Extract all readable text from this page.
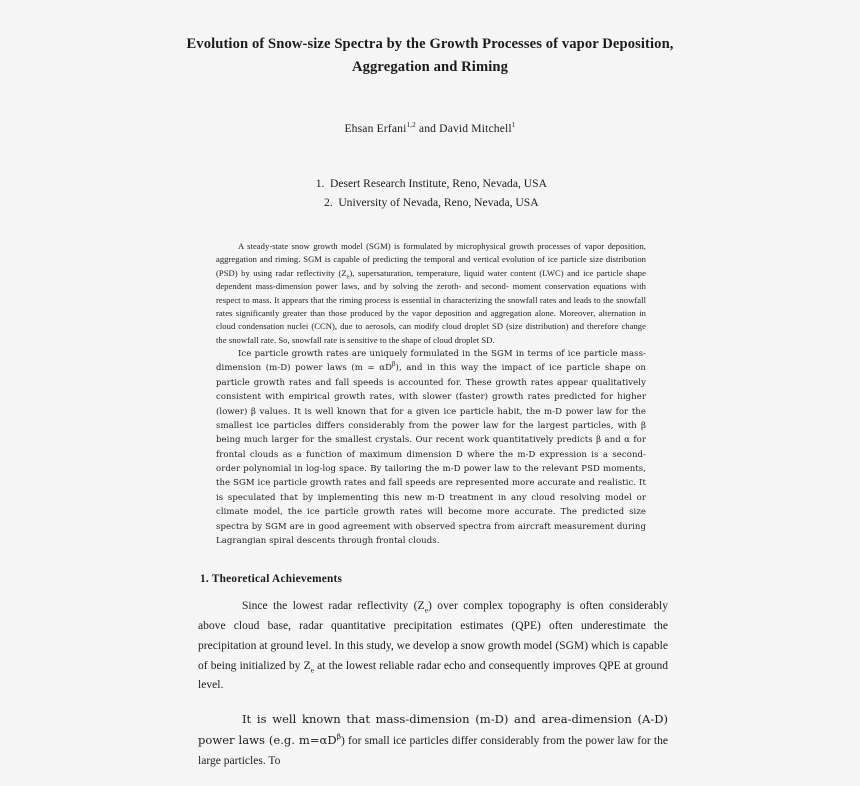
Evolution of Snow-size Spectra by the Growth Processes of vapor Deposition, Aggregation and Riming
Ehsan Erfani$^{1,2}$ and David Mitchell$^1$
1. Desert Research Institute, Reno, Nevada, USA
2. University of Nevada, Reno, Nevada, USA

A steady-state snow growth model (SGM) is formulated by microphysical growth processes of vapor deposition, aggregation and riming. SGM is capable of predicting the temporal and vertical evolution of ice particle size distribution (PSD) by using radar reflectivity $(Z_e)$, supersaturation, temperature, liquid water content (LWC) and ice particle shape dependent mass-dimension power laws, and by solving the zeroth- and second- moment conservation equations with respect to mass. It appears that the riming process is essential in characterizing the snowfall rates and leads to the snowfall rates significantly greater than those produced by the vapor deposition and aggregation alone. Moreover, alternation in cloud condensation nuclei (CCN), due to aerosols, can modify cloud droplet SD (size distribution) and therefore change the snowfall rate. So, snowfall rate is sensitive to the shape of cloud droplet SD.

Ice particle growth rates are uniquely formulated in the SGM in terms of ice particle mass-dimension (m-D) power laws $(m = \alpha D^\beta)$, and in this way the impact of ice particle shape on particle growth rates and fall speeds is accounted for. These growth rates appear qualitatively consistent with empirical growth rates, with slower (faster) growth rates predicted for higher (lower) β values. It is well known that for a given ice particle habit, the m-D power law for the smallest ice particles differs considerably from the power law for the largest particles, with β being much larger for the smallest crystals. Our recent work quantitatively predicts β and α for frontal clouds as a function of maximum dimension D where the m-D expression is a second-order polynomial in log-log space. By tailoring the m-D power law to the relevant PSD moments, the SGM ice particle growth rates and fall speeds are represented more accurate and realistic. It is speculated that by implementing this new m-D treatment in any cloud resolving model or climate model, the ice particle growth rates will become more accurate. The predicted size spectra by SGM are in good agreement with observed spectra from aircraft measurement during Lagrangian spiral descents through frontal clouds.

1. Theoretical Achievements

Since the lowest radar reflectivity $(Z_e)$ over complex topography is often considerably above cloud base, radar quantitative precipitation estimates (QPE) often underestimate the precipitation at ground level. In this study, we develop a snow growth model (SGM) which is capable of being initialized by $Z_e$ at the lowest reliable radar echo and consequently improves QPE at ground level.

It is well known that mass-dimension (m-D) and area-dimension (A-D) power laws (e.g. $m=\alpha D^\beta$) for small ice particles differ considerably from the power law for the large particles. To
